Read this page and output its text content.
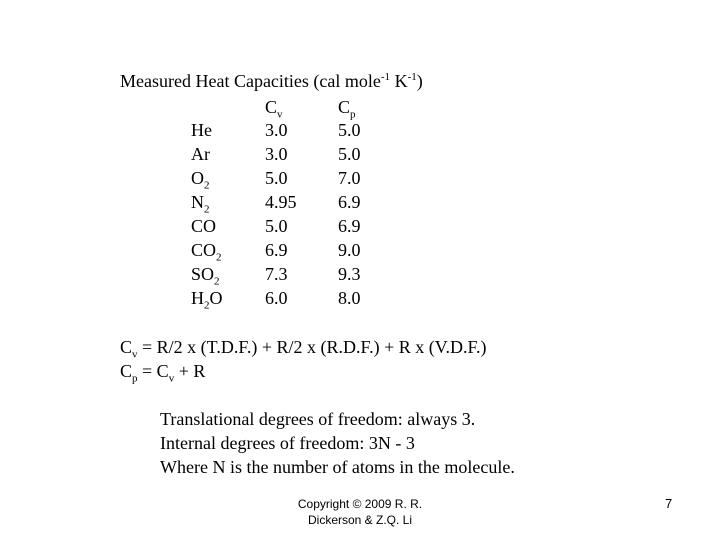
Measured Heat Capacities (cal mole$^{-1}$ $K^{-1}$)
$C_v$	$C_p$
He	3.0	5.0
Ar	3.0	5.0
$O_2$	5.0	7.0
$N_2$	4.95 6.9
CO	5.0	6.9
$CO_2$ 6.9	9.0
$SO_2$	7.3	9.3
$H_2O$ 6.0	8.0
$C_v = R/2$ x (T.D.F.) + R/2 x (R.D.F.) + R x (V.D.F.)
$C_p = C_v + R$
Translational degrees of freedom: always 3.
Internal degrees of freedom: 3N - 3
Where N is the number of atoms in the molecule.
Copyright © 2009 R. R.
Dickerson & Z.Q. Li
7
